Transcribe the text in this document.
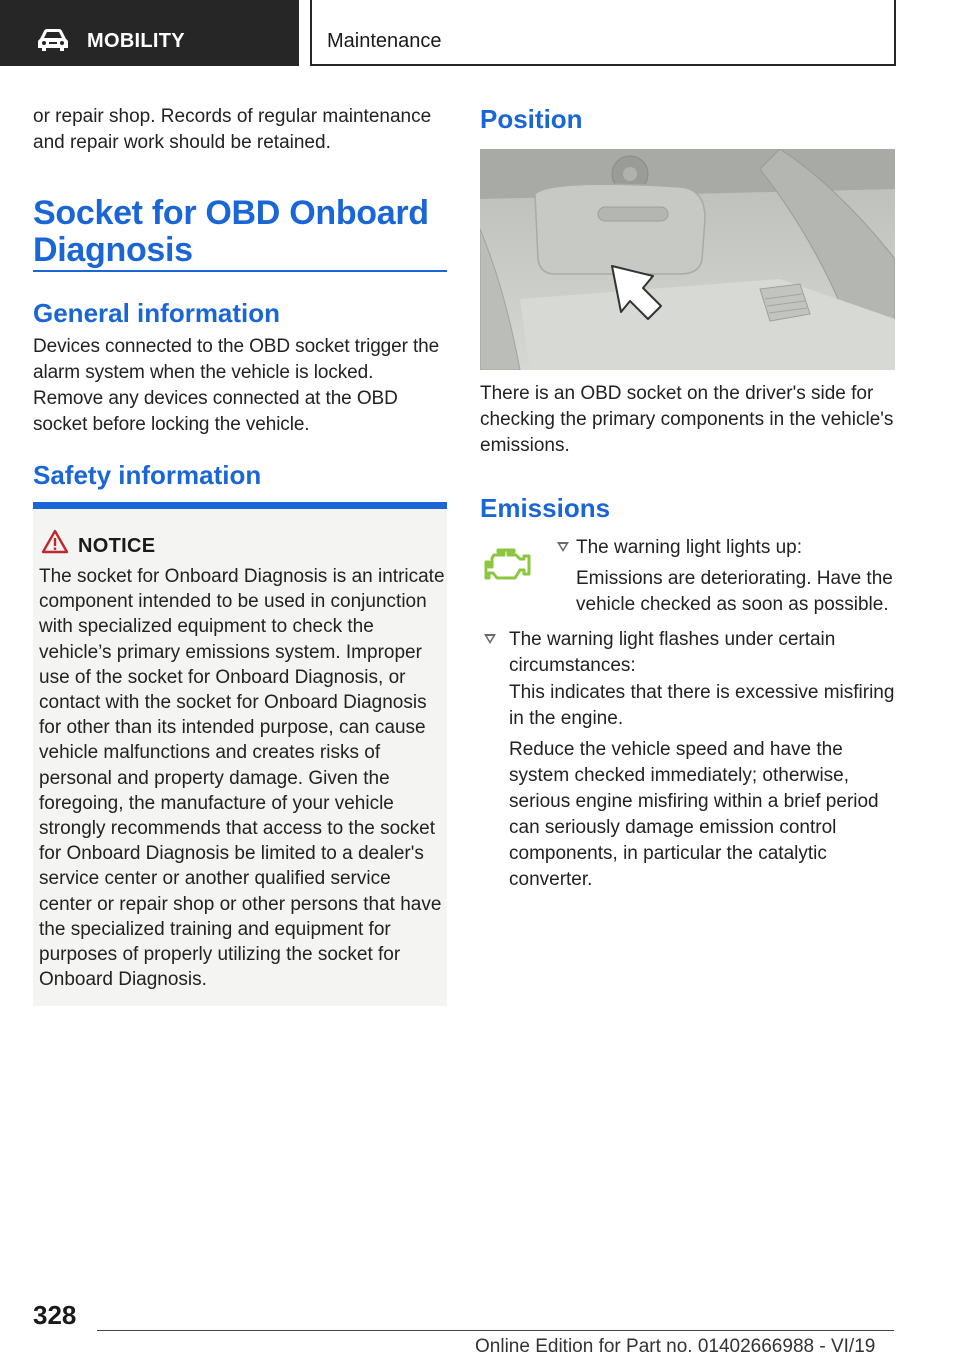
MOBILITY	Maintenance
or repair shop. Records of regular maintenance and repair work should be retained.
Socket for OBD Onboard Diagnosis
General information
Devices connected to the OBD socket trigger the alarm system when the vehicle is locked. Remove any devices connected at the OBD socket before locking the vehicle.
Safety information
NOTICE
The socket for Onboard Diagnosis is an intricate component intended to be used in conjunction with specialized equipment to check the vehicle’s primary emissions system. Improper use of the socket for Onboard Diagnosis, or contact with the socket for Onboard Diagnosis for other than its intended purpose, can cause vehicle malfunctions and creates risks of personal and property damage. Given the foregoing, the manufacture of your vehicle strongly recommends that access to the socket for Onboard Diagnosis be limited to a dealer's service center or another qualified service center or repair shop or other persons that have the specialized training and equipment for purposes of properly utilizing the socket for Onboard Diagnosis.
Position
There is an OBD socket on the driver's side for checking the primary components in the vehicle's emissions.
Emissions
The warning light lights up:
Emissions are deteriorating. Have the vehicle checked as soon as possible.
The warning light flashes under certain circumstances:
This indicates that there is excessive misfiring in the engine.
Reduce the vehicle speed and have the system checked immediately; otherwise, serious engine misfiring within a brief period can seriously damage emission control components, in particular the catalytic converter.
328
Online Edition for Part no. 01402666988 - VI/19
